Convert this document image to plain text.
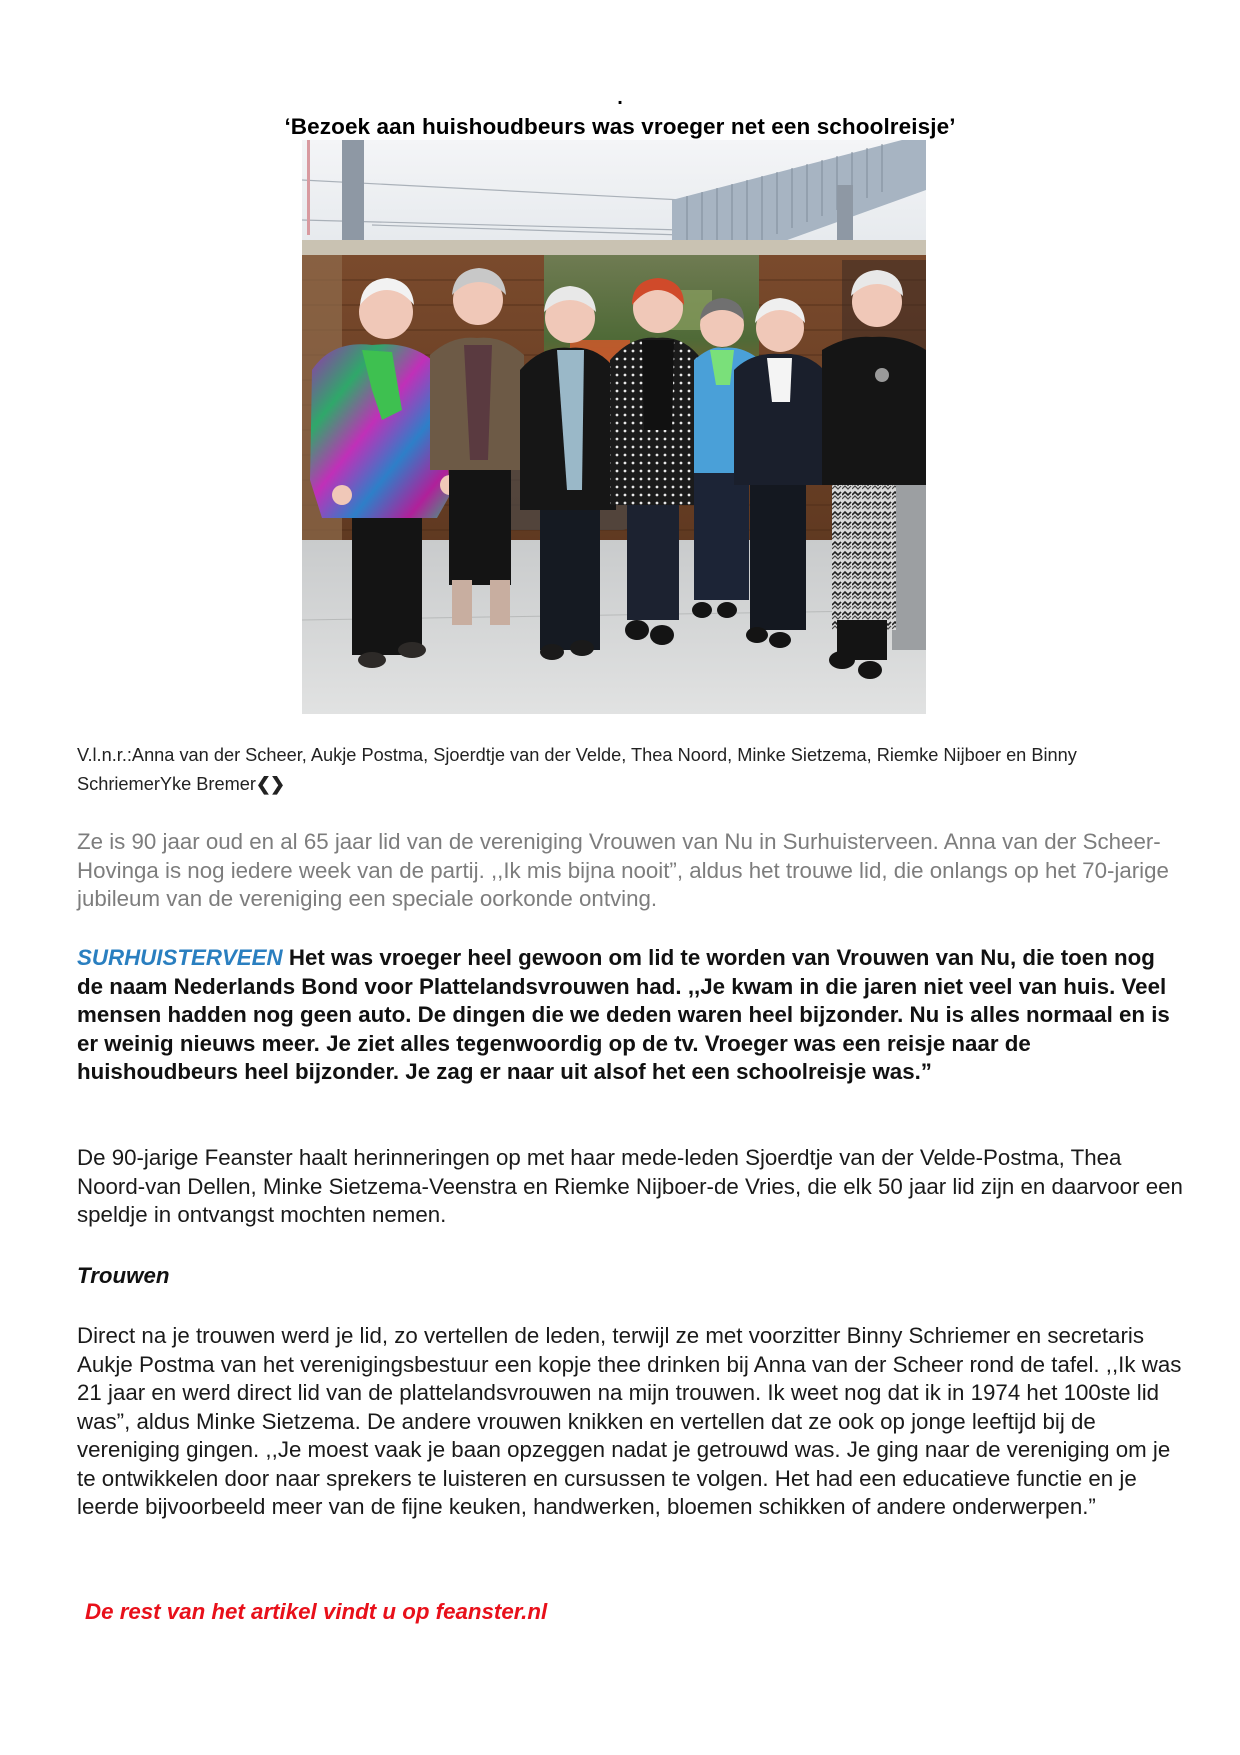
.
‘Bezoek aan huishoudbeurs was vroeger net een schoolreisje’
V.l.n.r.:Anna van der Scheer, Aukje Postma, Sjoerdtje van der Velde, Thea Noord, Minke Sietzema, Riemke Nijboer en Binny SchriemerYke Bremer❮❯

Ze is 90 jaar oud en al 65 jaar lid van de vereniging Vrouwen van Nu in Surhuisterveen. Anna van der Scheer-Hovinga is nog iedere week van de partij. ,,Ik mis bijna nooit”, aldus het trouwe lid, die onlangs op het 70-jarige jubileum van de vereniging een speciale oorkonde ontving.

SURHUISTERVEEN Het was vroeger heel gewoon om lid te worden van Vrouwen van Nu, die toen nog de naam Nederlands Bond voor Plattelandsvrouwen had. ,,Je kwam in die jaren niet veel van huis. Veel mensen hadden nog geen auto. De dingen die we deden waren heel bijzonder. Nu is alles normaal en is er weinig nieuws meer. Je ziet alles tegenwoordig op de tv. Vroeger was een reisje naar de huishoudbeurs heel bijzonder. Je zag er naar uit alsof het een schoolreisje was.”

De 90-jarige Feanster haalt herinneringen op met haar mede-leden Sjoerdtje van der Velde-Postma, Thea Noord-van Dellen, Minke Sietzema-Veenstra en Riemke Nijboer-de Vries, die elk 50 jaar lid zijn en daarvoor een speldje in ontvangst mochten nemen.

Trouwen

Direct na je trouwen werd je lid, zo vertellen de leden, terwijl ze met voorzitter Binny Schriemer en secretaris Aukje Postma van het verenigingsbestuur een kopje thee drinken bij Anna van der Scheer rond de tafel. ,,Ik was 21 jaar en werd direct lid van de plattelandsvrouwen na mijn trouwen. Ik weet nog dat ik in 1974 het 100ste lid was”, aldus Minke Sietzema. De andere vrouwen knikken en vertellen dat ze ook op jonge leeftijd bij de vereniging gingen. ,,Je moest vaak je baan opzeggen nadat je getrouwd was. Je ging naar de vereniging om je te ontwikkelen door naar sprekers te luisteren en cursussen te volgen. Het had een educatieve functie en je leerde bijvoorbeeld meer van de fijne keuken, handwerken, bloemen schikken of andere onderwerpen.”

De rest van het artikel vindt u op feanster.nl
